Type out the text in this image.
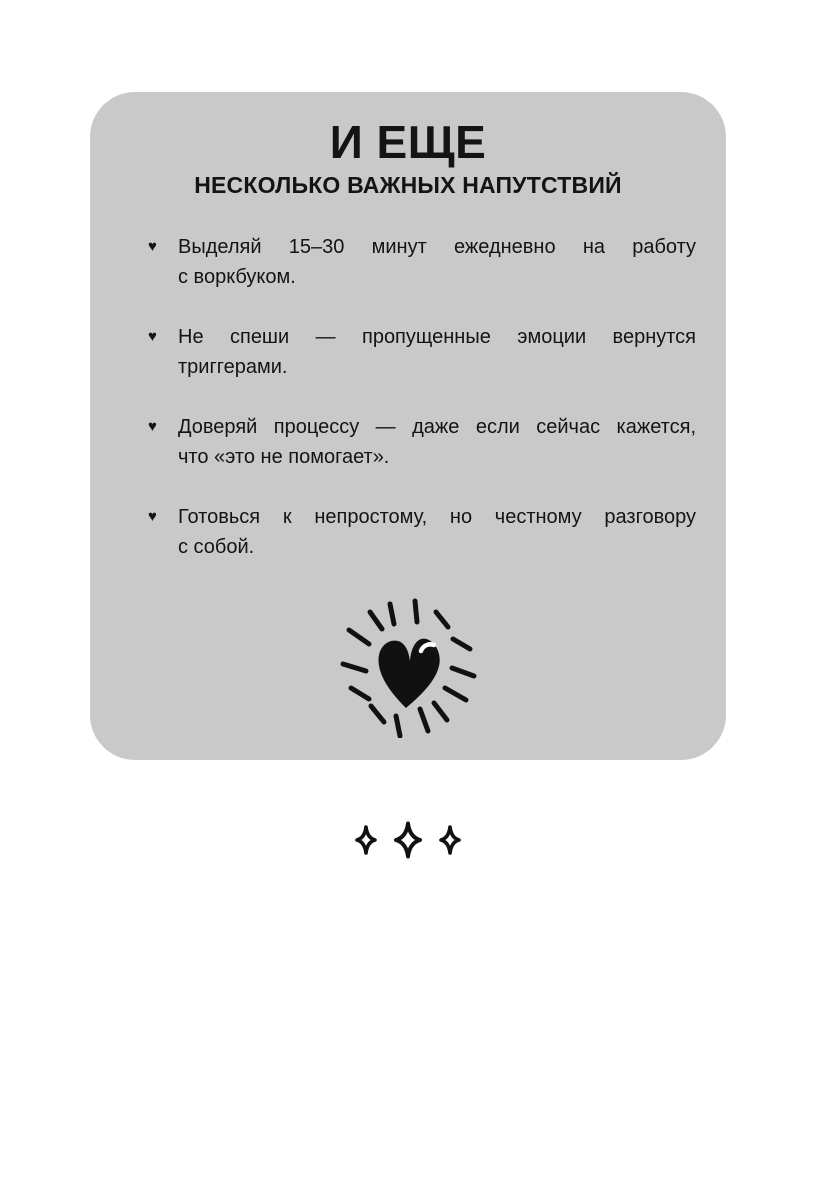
И ЕЩЕ
НЕСКОЛЬКО ВАЖНЫХ НАПУТСТВИЙ
♥	Выделяй 15–30 минут ежедневно на работу
с воркбуком.
♥	Не спеши — пропущенные эмоции вернутся
триггерами.
♥	Доверяй процессу — даже если сейчас кажется,
что «это не помогает».
♥	Готовься к непростому, но честному разговору
с собой.
